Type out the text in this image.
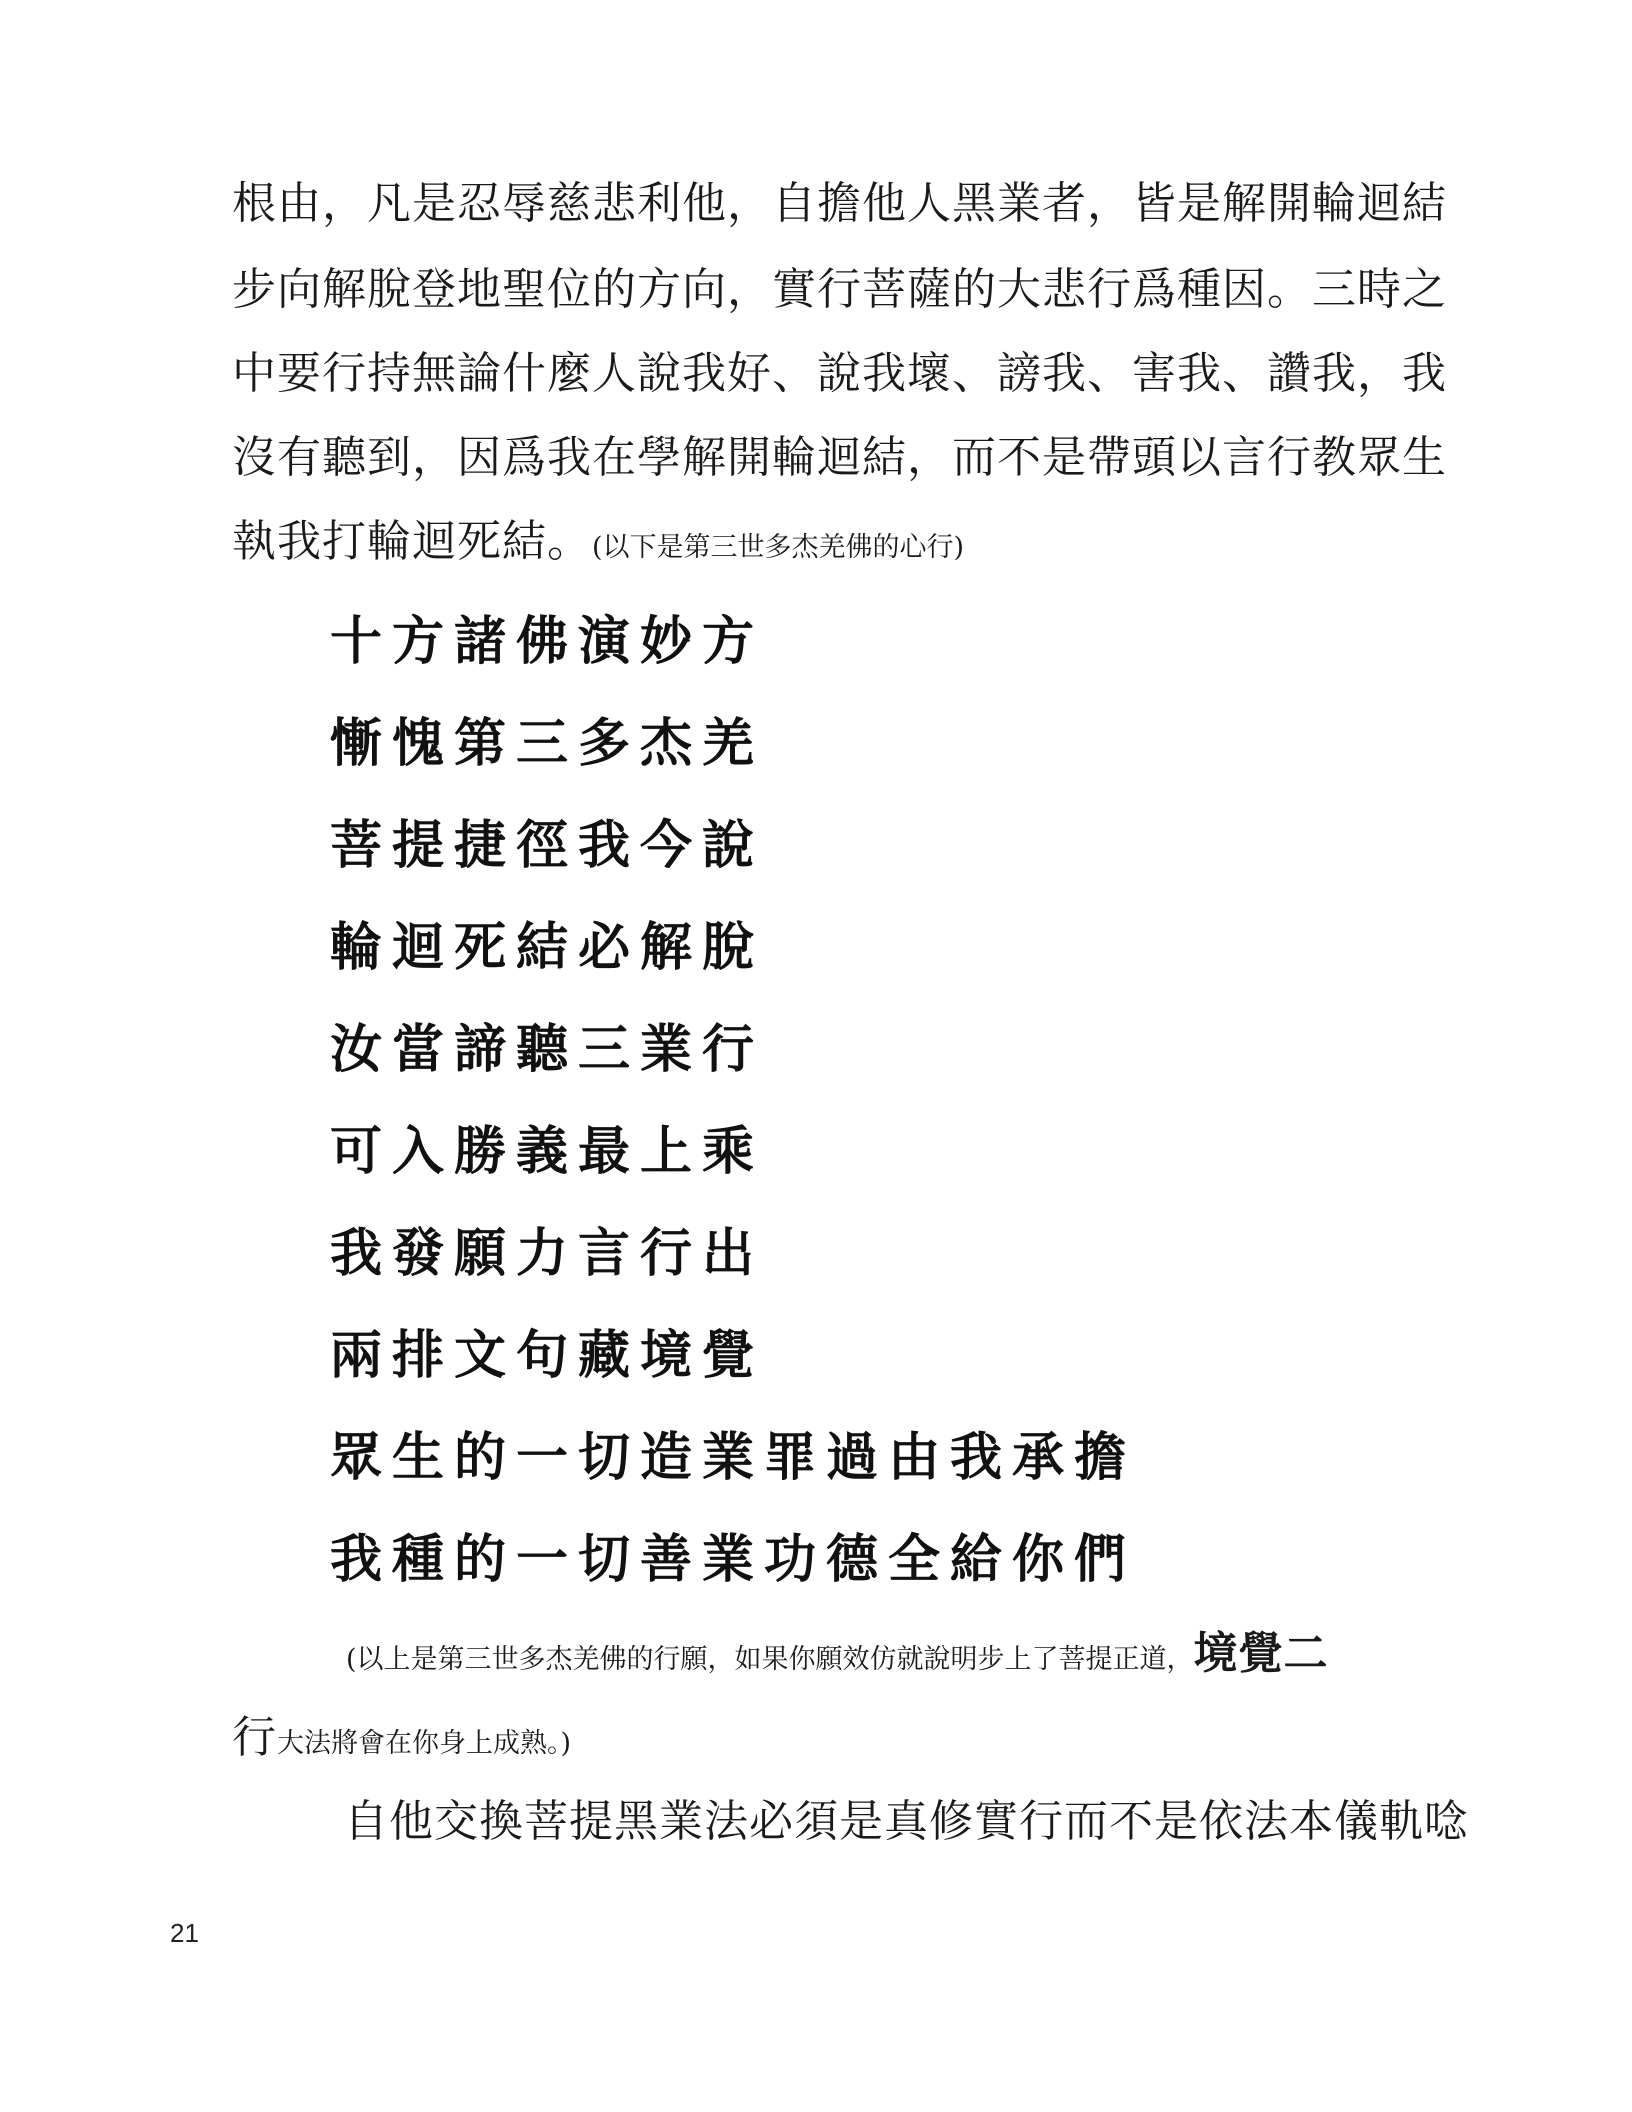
根由，凡是忍辱慈悲利他，自擔他人黑業者，皆是解開輪迴結
步向解脫登地聖位的方向，實行菩薩的大悲行爲種因。三時之
中要行持無論什麼人說我好、說我壞、謗我、害我、讚我，我
沒有聽到，因爲我在學解開輪迴結，而不是帶頭以言行教眾生
執我打輪迴死結。(以下是第三世多杰羌佛的心行)
十方諸佛演妙方
慚愧第三多杰羌
菩提捷徑我今說
輪迴死結必解脫
汝當諦聽三業行
可入勝義最上乘
我發願力言行出
兩排文句藏境覺
眾生的一切造業罪過由我承擔
我種的一切善業功德全給你們
(以上是第三世多杰羌佛的行願，如果你願效仿就說明步上了菩提正道，境覺二
行大法將會在你身上成熟。)
自他交換菩提黑業法必須是真修實行而不是依法本儀軌唸
21
